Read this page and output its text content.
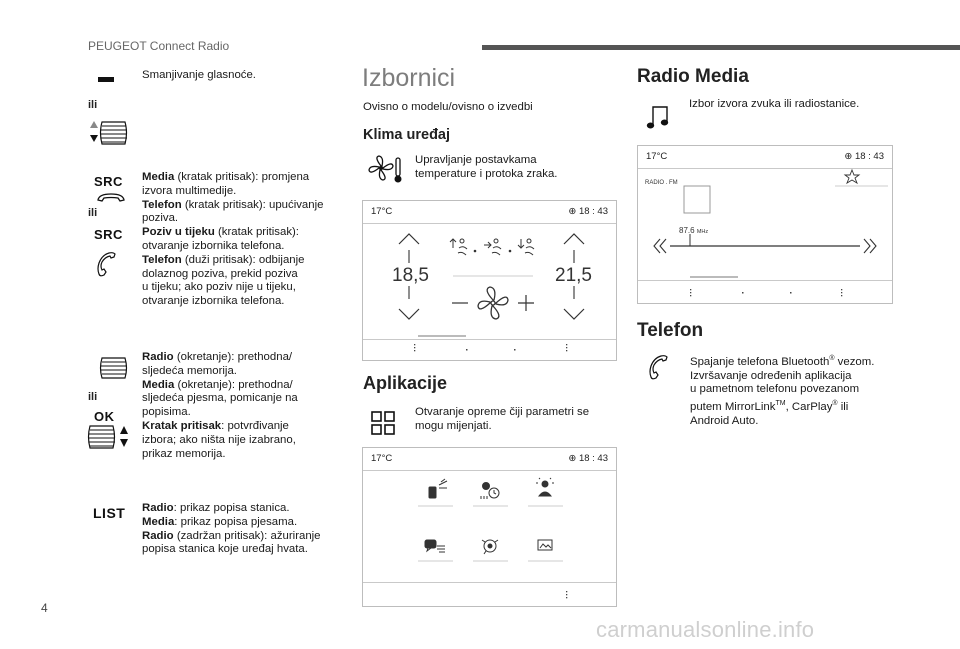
PEUGEOT Connect Radio
4
carmanualsonline.info
Smanjivanje glasnoće.
ili
SRC
ili
SRC
Media (kratak pritisak): promjena
izvora multimedije.
Telefon (kratak pritisak): upućivanje
poziva.
Poziv u tijeku (kratak pritisak):
otvaranje izbornika telefona.
Telefon (duži pritisak): odbijanje
dolaznog poziva, prekid poziva
u tijeku; ako poziv nije u tijeku,
otvaranje izbornika telefona.
ili
OK
Radio (okretanje): prethodna/
sljedeća memorija.
Media (okretanje): prethodna/
sljedeća pjesma, pomicanje na
popisima.
Kratak pritisak: potvrđivanje
izbora; ako ništa nije izabrano,
prikaz memorija.
LIST Radio: prikaz popisa stanica.
Media: prikaz popisa pjesama.
Radio (zadržan pritisak): ažuriranje
popisa stanica koje uređaj hvata.
Izbornici
Ovisno o modelu/ovisno o izvedbi
Klima uređaj
Upravljanje postavkama
temperature i protoka zraka.
17°C	⊕ 18 : 43
18,5	21,5
Aplikacije
Otvaranje opreme čiji parametri se
mogu mijenjati.
17°C	⊕ 18 : 43
Radio Media
Izbor izvora zvuka ili radiostanice.
17°C	⊕ 18 : 43
RADIO . FM
87.6 MHz
Telefon
Spajanje telefona Bluetooth® vezom.
Izvršavanje određenih aplikacija
u pametnom telefonu povezanom
putem MirrorLink™, CarPlay® ili
Android Auto.
